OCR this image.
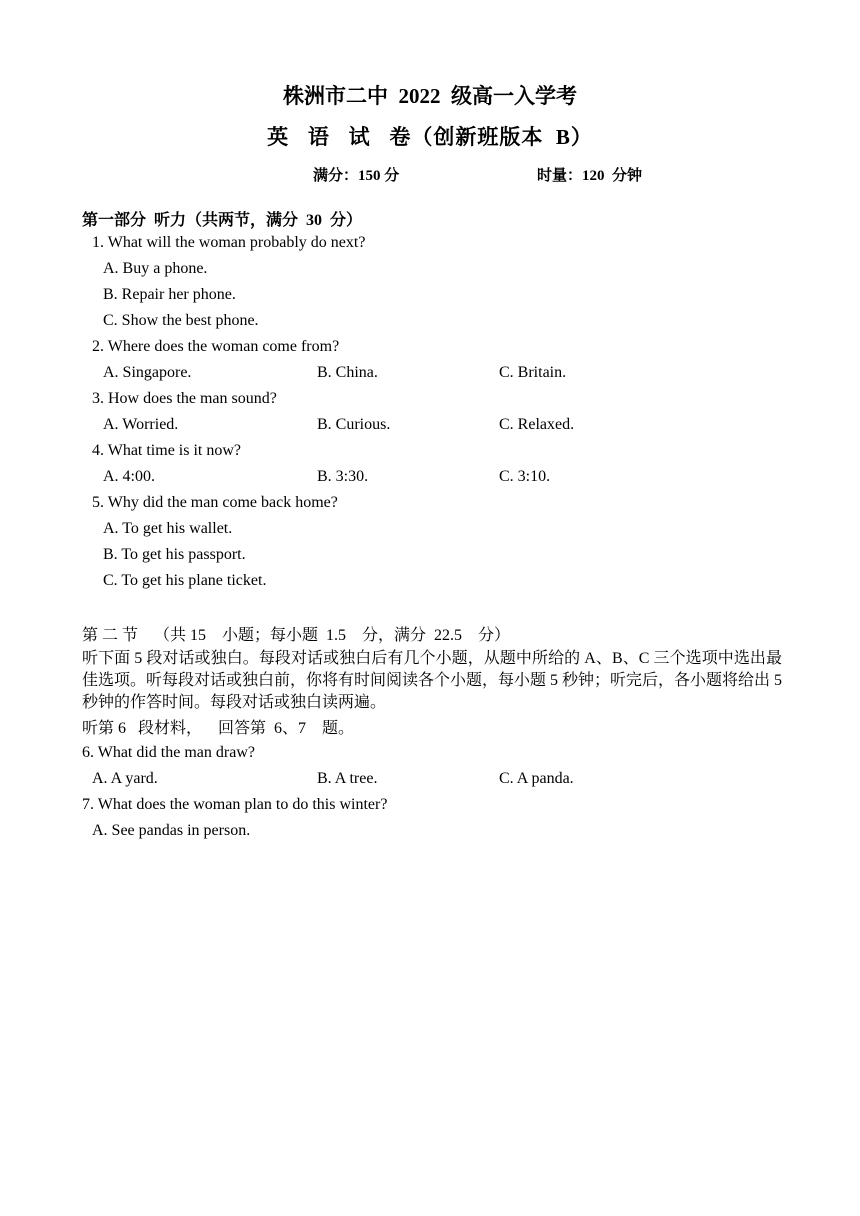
株洲市二中  2022  级高一入学考
英   语   试   卷（创新班版本  B）
满分：150 分	时量：120  分钟
第一部分  听力（共两节，满分  30  分）
1. What will the woman probably do next?
A. Buy a phone.
B. Repair her phone.
C. Show the best phone.
2. Where does the woman come from?
A. Singapore.	B. China.	C. Britain.
3. How does the man sound?
A. Worried.	B. Curious.	C. Relaxed.
4. What time is it now?
A. 4:00.	B. 3:30.	C. 3:10.
5. Why did the man come back home?
A. To get his wallet.
B. To get his passport.
C. To get his plane ticket.
第 二 节    （共 15    小题；每小题  1.5    分，满分  22.5    分）
听下面 5 段对话或独白。每段对话或独白后有几个小题，从题中所给的 A、B、C 三个选项中选出最佳选项。听每段对话或独白前，你将有时间阅读各个小题，每小题 5 秒钟；听完后，各小题将给出 5 秒钟的作答时间。每段对话或独白读两遍。
听第 6   段材料，    回答第  6、7    题。
6. What did the man draw?
A. A yard.	B. A tree.	C. A panda.
7. What does the woman plan to do this winter?
A. See pandas in person.
